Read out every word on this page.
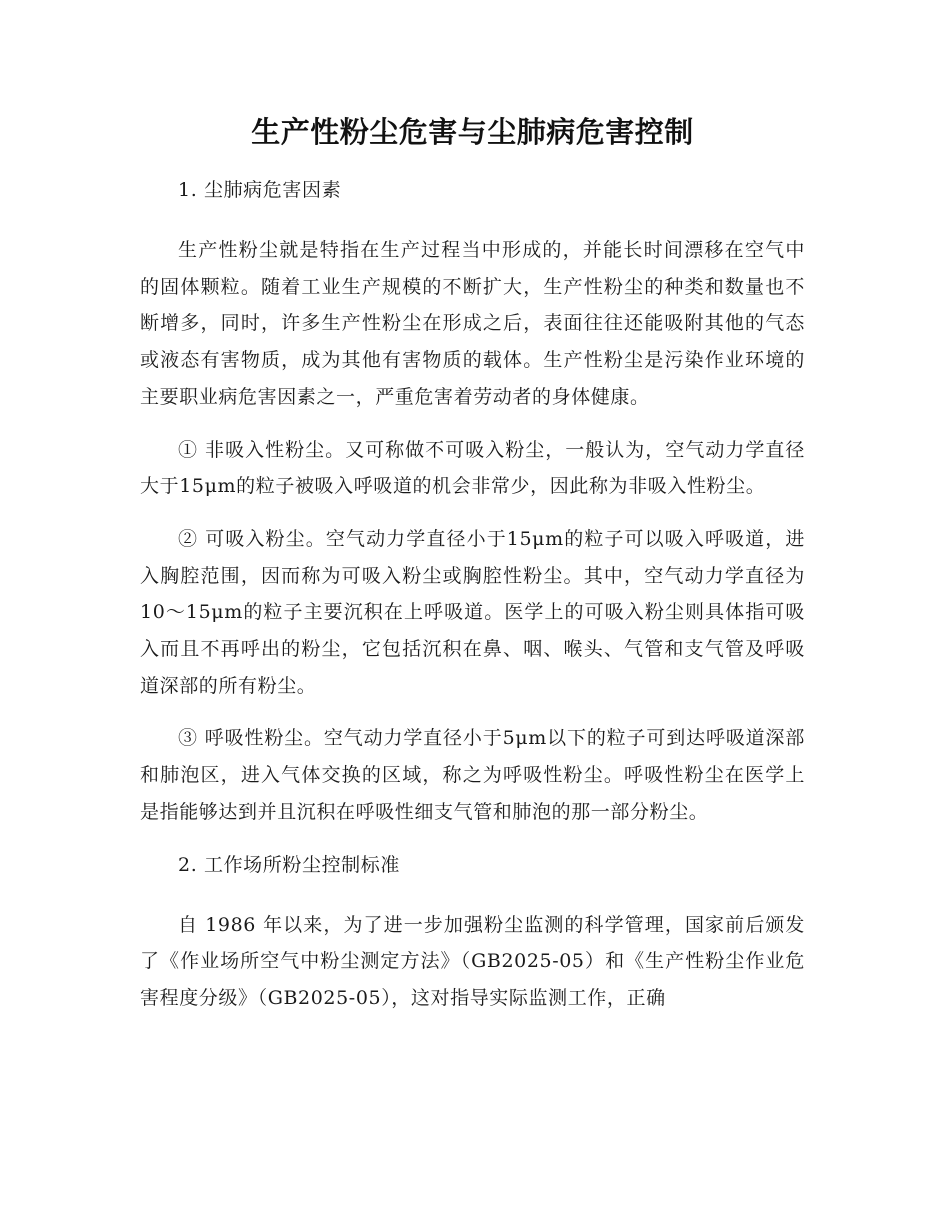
生产性粉尘危害与尘肺病危害控制
1. 尘肺病危害因素

生产性粉尘就是特指在生产过程当中形成的，并能长时间漂移在空气中的固体颗粒。随着工业生产规模的不断扩大，生产性粉尘的种类和数量也不断增多，同时，许多生产性粉尘在形成之后，表面往往还能吸附其他的气态或液态有害物质，成为其他有害物质的载体。生产性粉尘是污染作业环境的主要职业病危害因素之一，严重危害着劳动者的身体健康。

① 非吸入性粉尘。又可称做不可吸入粉尘，一般认为，空气动力学直径大于15μm的粒子被吸入呼吸道的机会非常少，因此称为非吸入性粉尘。

② 可吸入粉尘。空气动力学直径小于15μm的粒子可以吸入呼吸道，进入胸腔范围，因而称为可吸入粉尘或胸腔性粉尘。其中，空气动力学直径为10～15μm的粒子主要沉积在上呼吸道。医学上的可吸入粉尘则具体指可吸入而且不再呼出的粉尘，它包括沉积在鼻、咽、喉头、气管和支气管及呼吸道深部的所有粉尘。

③ 呼吸性粉尘。空气动力学直径小于5μm以下的粒子可到达呼吸道深部和肺泡区，进入气体交换的区域，称之为呼吸性粉尘。呼吸性粉尘在医学上是指能够达到并且沉积在呼吸性细支气管和肺泡的那一部分粉尘。

2. 工作场所粉尘控制标准

自 1986 年以来，为了进一步加强粉尘监测的科学管理，国家前后颁发了《作业场所空气中粉尘测定方法》（GB2025-05）和《生产性粉尘作业危害程度分级》（GB2025-05），这对指导实际监测工作，正确
